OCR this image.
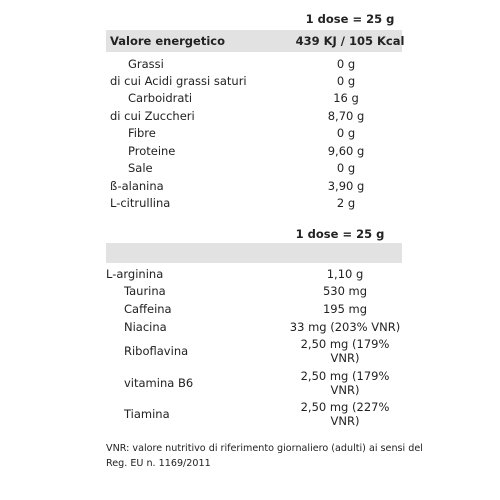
1 dose = 25 g
Valore energetico	439 KJ / 105 Kcal
Grassi	0 g
di cui Acidi grassi saturi	0 g
Carboidrati	16 g
di cui Zuccheri	8,70 g
Fibre	0 g
Proteine	9,60 g
Sale	0 g
ß-alanina	3,90 g
L-citrullina	2 g
1 dose = 25 g
L-arginina	1,10 g
Taurina	530 mg
Caffeina	195 mg
Niacina	33 mg (203% VNR)
Riboflavina	2,50 mg (179%
VNR)
vitamina B6	2,50 mg (179%
VNR)
Tiamina	2,50 mg (227%
VNR)
VNR: valore nutritivo di riferimento giornaliero (adulti) ai sensi del
Reg. EU n. 1169/2011
